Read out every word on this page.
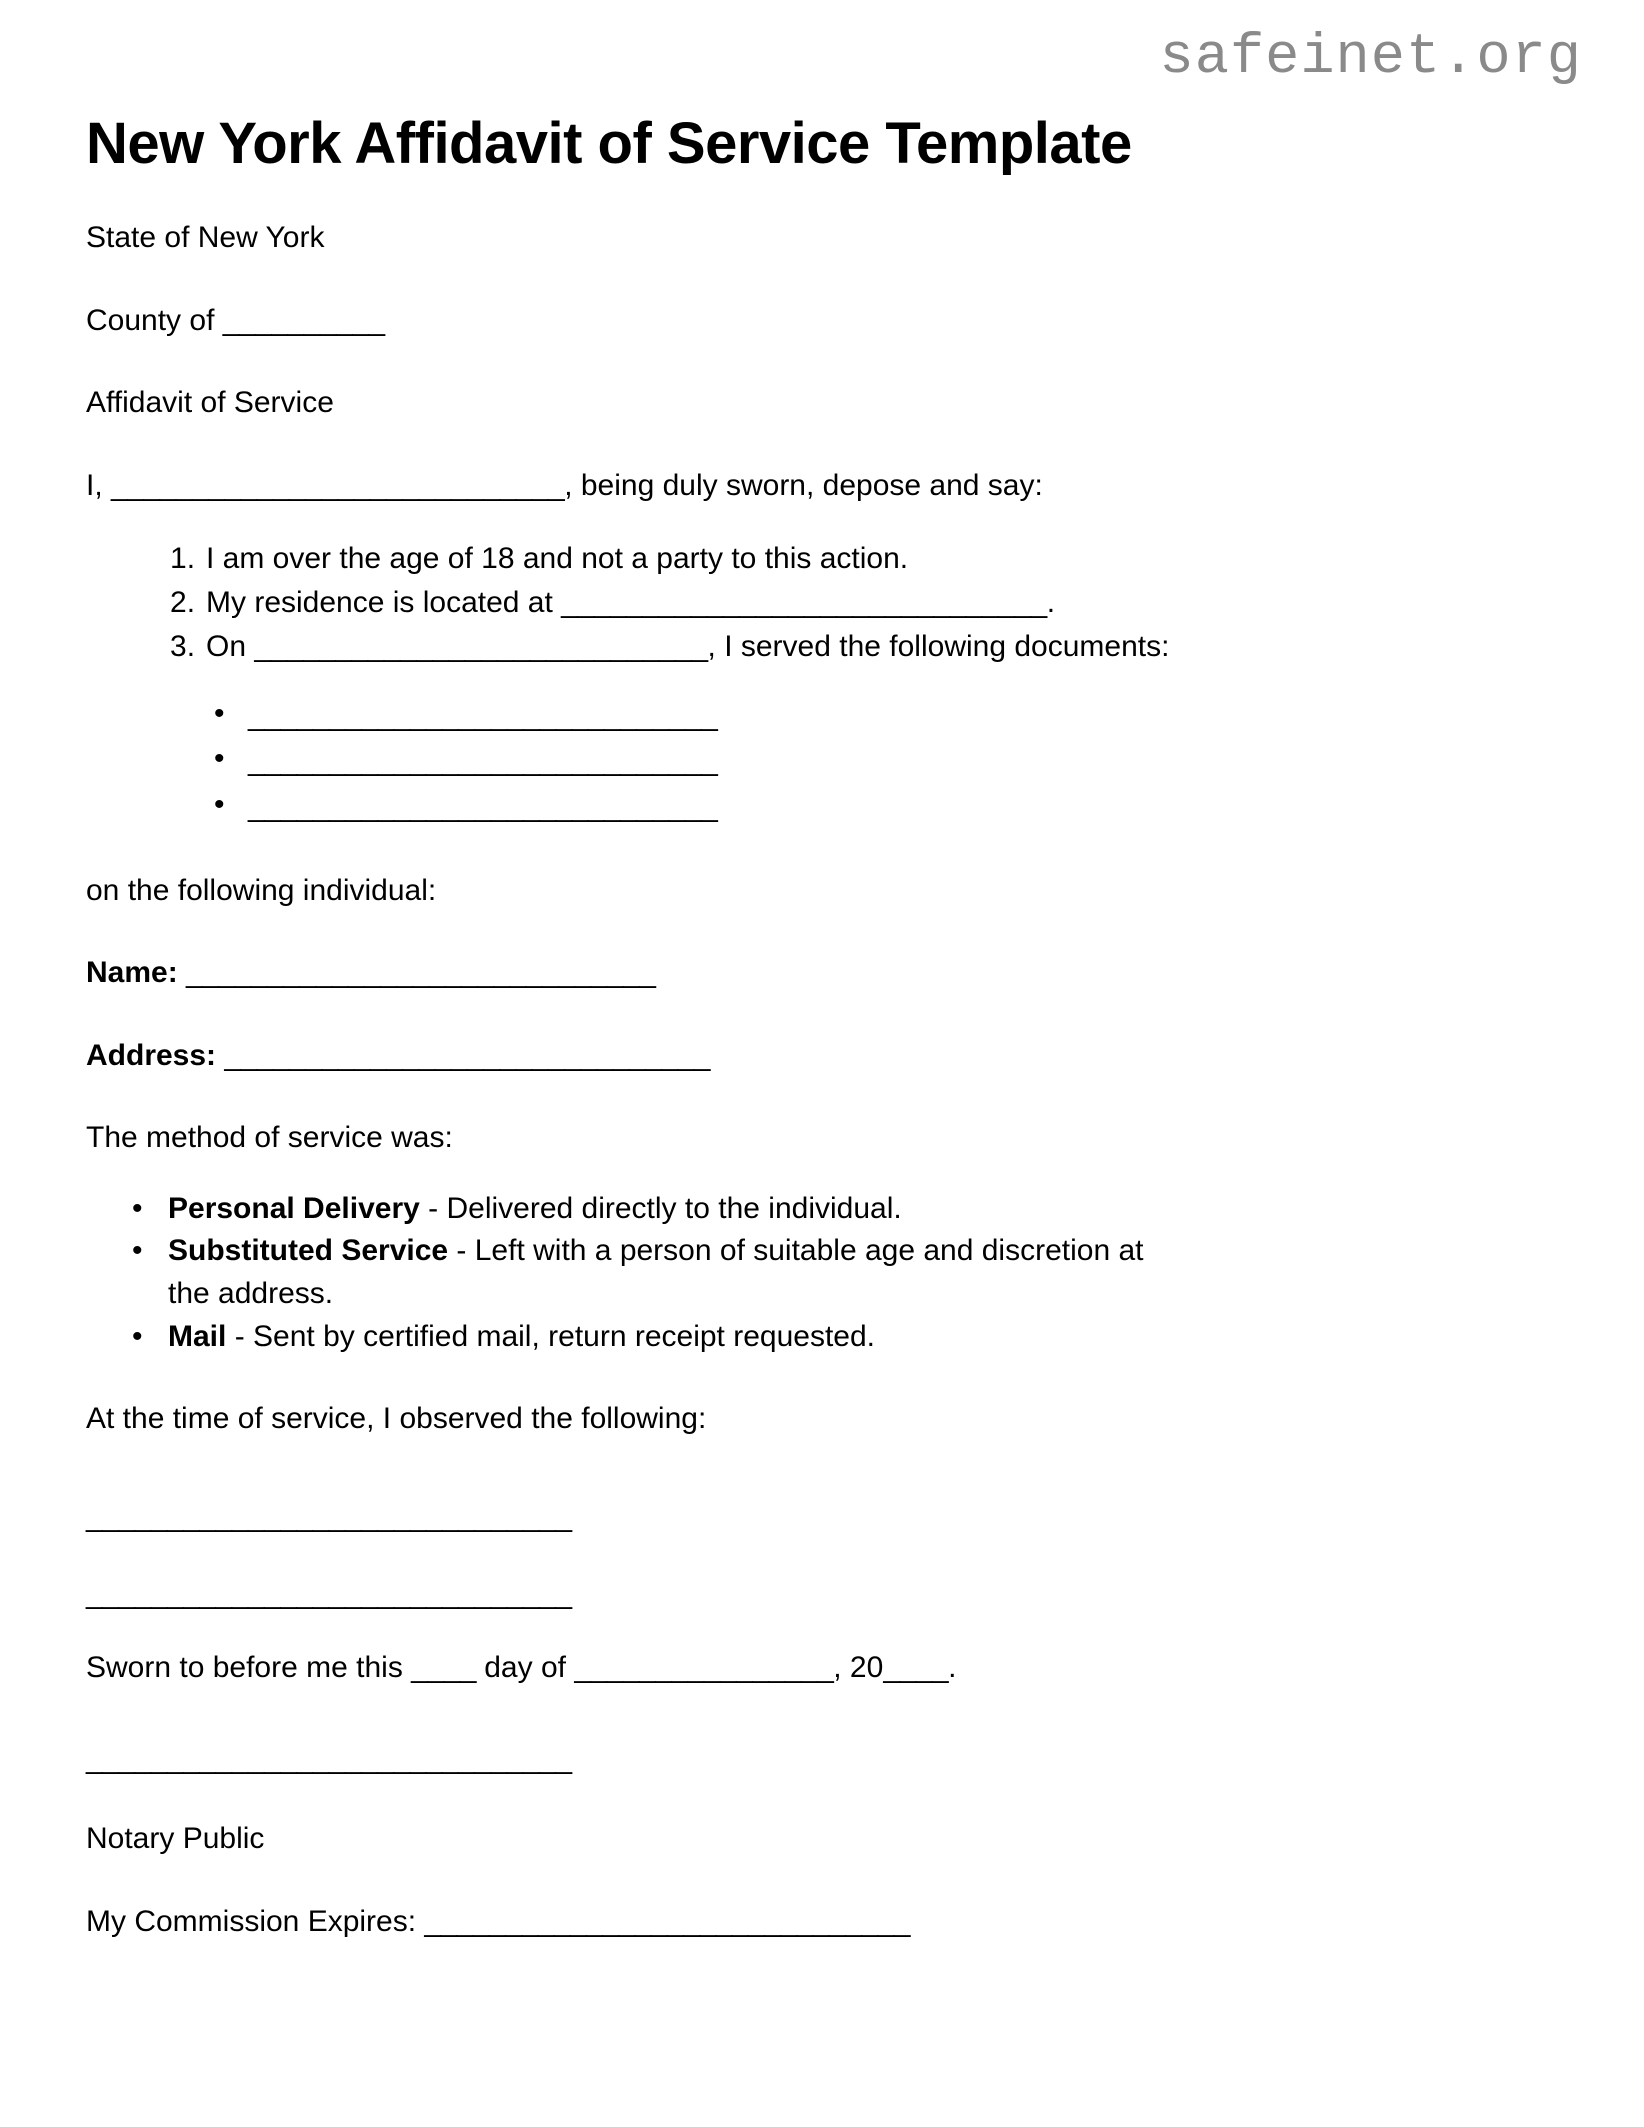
safeinet.org
New York Affidavit of Service Template

State of New York

County of __________

Affidavit of Service

I, ____________________________, being duly sworn, depose and say:

I am over the age of 18 and not a party to this action.
My residence is located at ______________________________.
On ____________________________, I served the following documents:
• _____________________________
• _____________________________
• _____________________________

on the following individual:

Name: _____________________________

Address: ______________________________

The method of service was:

• Personal Delivery - Delivered directly to the individual.
• Substituted Service - Left with a person of suitable age and discretion at the address.
• Mail - Sent by certified mail, return receipt requested.

At the time of service, I observed the following:

______________________________

______________________________

Sworn to before me this ____ day of ________________, 20____.

______________________________

Notary Public

My Commission Expires: ______________________________
